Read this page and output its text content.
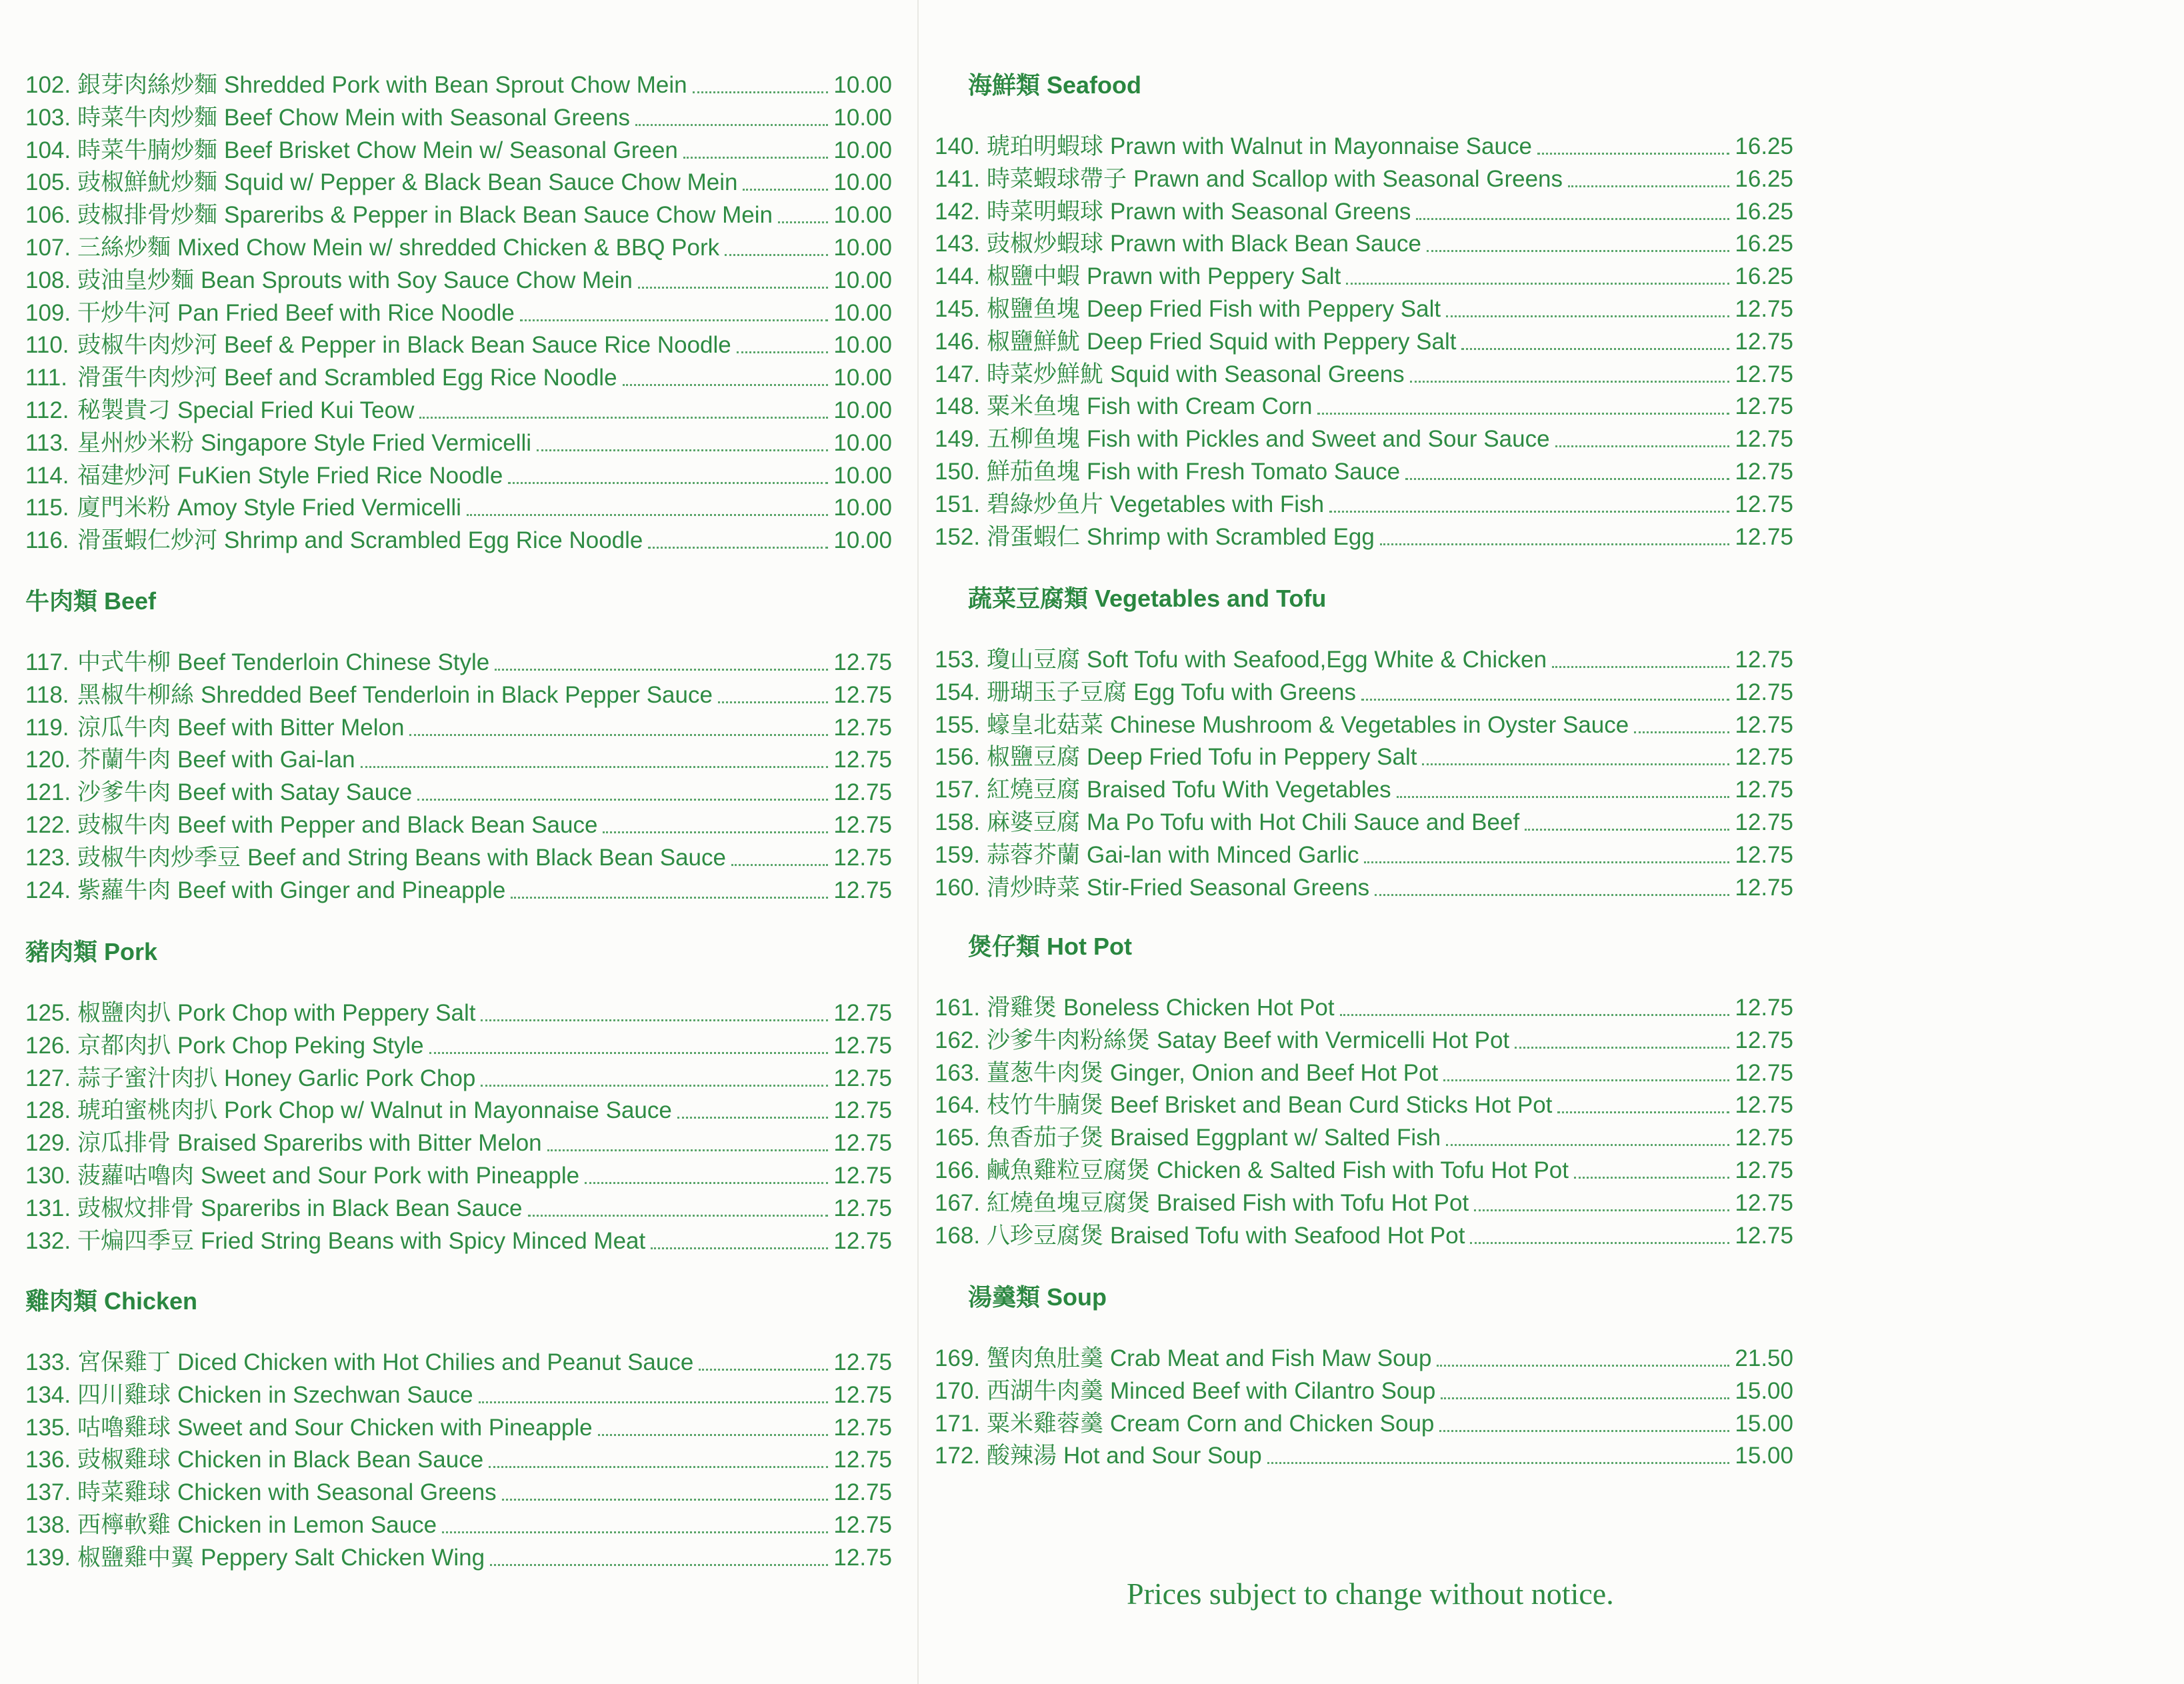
102. 銀芽肉絲炒麵 Shredded Pork with Bean Sprout Chow Mein	10.00
103. 時菜牛肉炒麵 Beef Chow Mein with Seasonal Greens	10.00
104. 時菜牛腩炒麵 Beef Brisket Chow Mein w/ Seasonal Green	10.00
105. 豉椒鮮魷炒麵 Squid w/ Pepper & Black Bean Sauce Chow Mein	10.00
106. 豉椒排骨炒麵 Spareribs & Pepper in Black Bean Sauce Chow Mein	10.00
107. 三絲炒麵 Mixed Chow Mein w/ shredded Chicken & BBQ Pork	10.00
108. 豉油皇炒麵 Bean Sprouts with Soy Sauce Chow Mein	10.00
109. 干炒牛河 Pan Fried Beef with Rice Noodle	10.00
110. 豉椒牛肉炒河 Beef & Pepper in Black Bean Sauce Rice Noodle	10.00
111. 滑蛋牛肉炒河 Beef and Scrambled Egg Rice Noodle	10.00
112. 秘製貴刁 Special Fried Kui Teow	10.00
113. 星州炒米粉 Singapore Style Fried Vermicelli	10.00
114. 福建炒河 FuKien Style Fried Rice Noodle	10.00
115. 廈門米粉 Amoy Style Fried Vermicelli	10.00
116. 滑蛋蝦仁炒河 Shrimp and Scrambled Egg Rice Noodle	10.00
牛肉類 Beef
117. 中式牛柳 Beef Tenderloin Chinese Style	12.75
118. 黑椒牛柳絲 Shredded Beef Tenderloin in Black Pepper Sauce	12.75
119. 涼瓜牛肉 Beef with Bitter Melon	12.75
120. 芥蘭牛肉 Beef with Gai-lan	12.75
121. 沙爹牛肉 Beef with Satay Sauce	12.75
122. 豉椒牛肉 Beef with Pepper and Black Bean Sauce	12.75
123. 豉椒牛肉炒季豆 Beef and String Beans with Black Bean Sauce	12.75
124. 紫蘿牛肉 Beef with Ginger and Pineapple	12.75
豬肉類 Pork
125. 椒鹽肉扒 Pork Chop with Peppery Salt	12.75
126. 京都肉扒 Pork Chop Peking Style	12.75
127. 蒜子蜜汁肉扒 Honey Garlic Pork Chop	12.75
128. 琥珀蜜桃肉扒 Pork Chop w/ Walnut in Mayonnaise Sauce	12.75
129. 涼瓜排骨 Braised Spareribs with Bitter Melon	12.75
130. 菠蘿咕嚕肉 Sweet and Sour Pork with Pineapple	12.75
131. 豉椒炆排骨 Spareribs in Black Bean Sauce	12.75
132. 干煸四季豆 Fried String Beans with Spicy Minced Meat	12.75
雞肉類 Chicken
133. 宮保雞丁 Diced Chicken with Hot Chilies and Peanut Sauce	12.75
134. 四川雞球 Chicken in Szechwan Sauce	12.75
135. 咕嚕雞球 Sweet and Sour Chicken with Pineapple	12.75
136. 豉椒雞球 Chicken in Black Bean Sauce	12.75
137. 時菜雞球 Chicken with Seasonal Greens	12.75
138. 西檸軟雞 Chicken in Lemon Sauce	12.75
139. 椒鹽雞中翼 Peppery Salt Chicken Wing	12.75
海鮮類 Seafood
140. 琥珀明蝦球 Prawn with Walnut in Mayonnaise Sauce	16.25
141. 時菜蝦球帶子 Prawn and Scallop with Seasonal Greens	16.25
142. 時菜明蝦球 Prawn with Seasonal Greens	16.25
143. 豉椒炒蝦球 Prawn with Black Bean Sauce	16.25
144. 椒鹽中蝦 Prawn with Peppery Salt	16.25
145. 椒鹽鱼塊 Deep Fried Fish with Peppery Salt	12.75
146. 椒鹽鮮魷 Deep Fried Squid with Peppery Salt	12.75
147. 時菜炒鮮魷 Squid with Seasonal Greens	12.75
148. 粟米鱼塊 Fish with Cream Corn	12.75
149. 五柳鱼塊 Fish with Pickles and Sweet and Sour Sauce	12.75
150. 鮮茄鱼塊 Fish with Fresh Tomato Sauce	12.75
151. 碧綠炒鱼片 Vegetables with Fish	12.75
152. 滑蛋蝦仁 Shrimp with Scrambled Egg	12.75
蔬菜豆腐類 Vegetables and Tofu
153. 瓊山豆腐 Soft Tofu with Seafood,Egg White & Chicken	12.75
154. 珊瑚玉子豆腐 Egg Tofu with Greens	12.75
155. 蠔皇北菇菜 Chinese Mushroom & Vegetables in Oyster Sauce	12.75
156. 椒鹽豆腐 Deep Fried Tofu in Peppery Salt	12.75
157. 紅燒豆腐 Braised Tofu With Vegetables	12.75
158. 麻婆豆腐 Ma Po Tofu with Hot Chili Sauce and Beef	12.75
159. 蒜蓉芥蘭 Gai-lan with Minced Garlic	12.75
160. 清炒時菜 Stir-Fried Seasonal Greens	12.75
煲仔類 Hot Pot
161. 滑雞煲 Boneless Chicken Hot Pot	12.75
162. 沙爹牛肉粉絲煲 Satay Beef with Vermicelli Hot Pot	12.75
163. 薑葱牛肉煲 Ginger, Onion and Beef Hot Pot	12.75
164. 枝竹牛腩煲 Beef Brisket and Bean Curd Sticks Hot Pot	12.75
165. 魚香茄子煲 Braised Eggplant w/ Salted Fish	12.75
166. 鹹魚雞粒豆腐煲 Chicken & Salted Fish with Tofu Hot Pot	12.75
167. 紅燒鱼塊豆腐煲 Braised Fish with Tofu Hot Pot	12.75
168. 八珍豆腐煲 Braised Tofu with Seafood Hot Pot	12.75
湯羹類 Soup
169. 蟹肉魚肚羹 Crab Meat and Fish Maw Soup	21.50
170. 西湖牛肉羹 Minced Beef with Cilantro Soup	15.00
171. 粟米雞蓉羹 Cream Corn and Chicken Soup	15.00
172. 酸辣湯 Hot and Sour Soup	15.00
Prices subject to change without notice.
